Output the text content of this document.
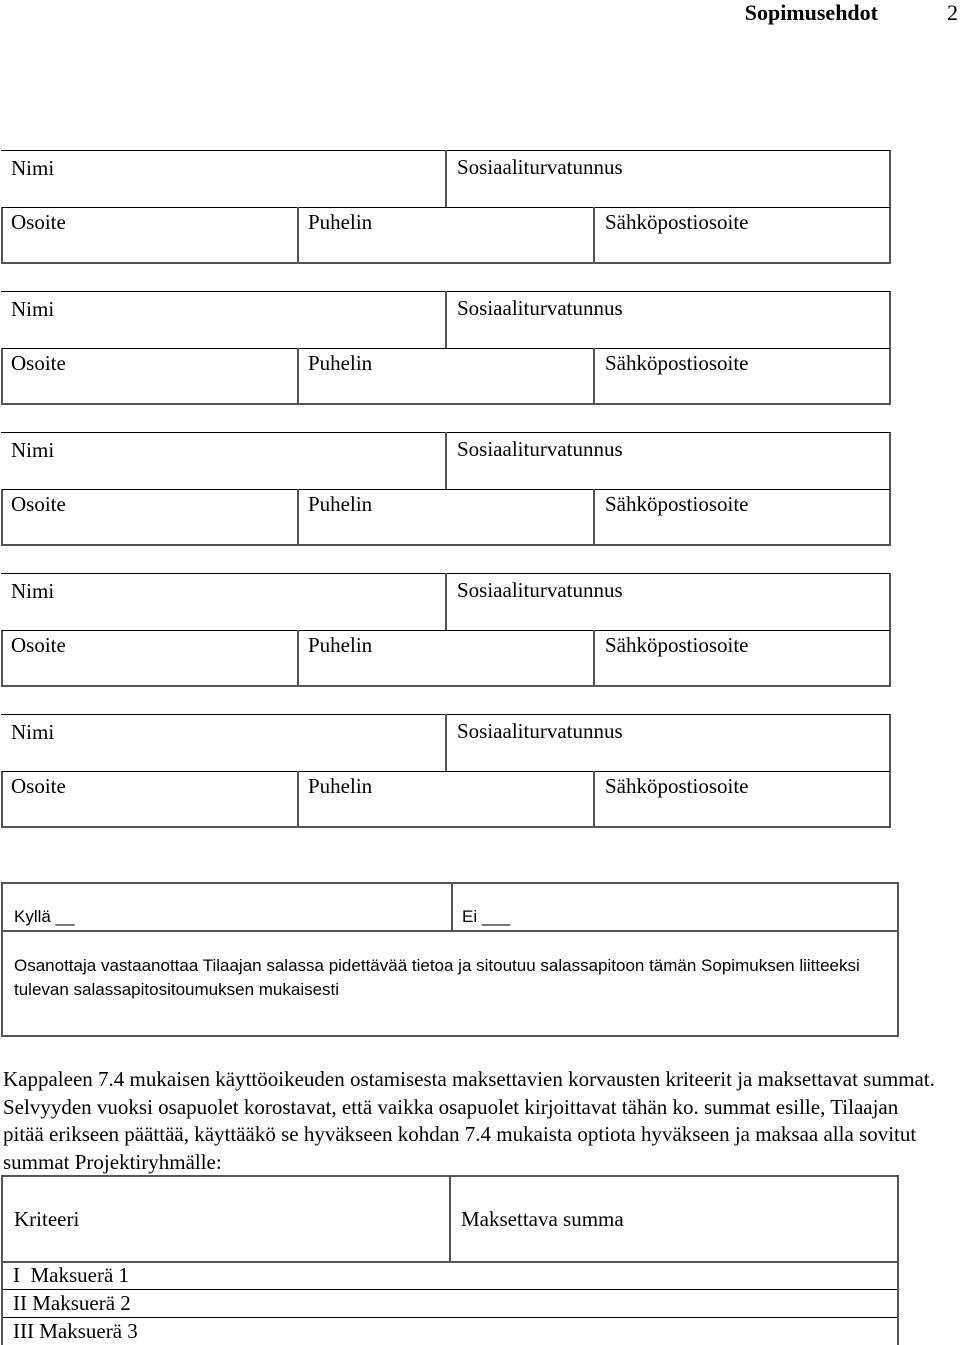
Sopimusehdot	2
Nimi	Sosiaaliturvatunnus
Osoite	Puhelin	Sähköpostiosoite
Nimi	Sosiaaliturvatunnus
Osoite	Puhelin	Sähköpostiosoite
Nimi	Sosiaaliturvatunnus
Osoite	Puhelin	Sähköpostiosoite
Nimi	Sosiaaliturvatunnus
Osoite	Puhelin	Sähköpostiosoite
Nimi	Sosiaaliturvatunnus
Osoite	Puhelin	Sähköpostiosoite
Kyllä __	Ei ___
Osanottaja vastaanottaa Tilaajan salassa pidettävää tietoa ja sitoutuu salassapitoon tämän Sopimuksen liitteeksi tulevan salassapitositoumuksen mukaisesti
Kappaleen 7.4 mukaisen käyttöoikeuden ostamisesta maksettavien korvausten kriteerit ja maksettavat summat. Selvyyden vuoksi osapuolet korostavat, että vaikka osapuolet kirjoittavat tähän ko. summat esille, Tilaajan pitää erikseen päättää, käyttääkö se hyväkseen kohdan 7.4 mukaista optiota hyväkseen ja maksaa alla sovitut summat Projektiryhmälle:
Kriteeri	Maksettava summa
I  Maksuerä 1
II Maksuerä 2
III Maksuerä 3
